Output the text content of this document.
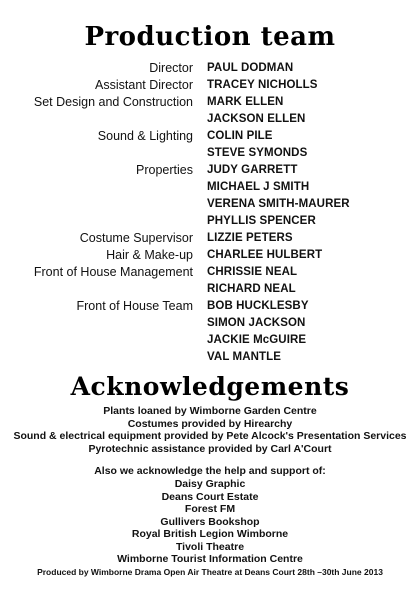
Production team
Director PAUL DODMAN
Assistant Director TRACEY NICHOLLS
Set Design and Construction MARK ELLEN
JACKSON ELLEN
Sound & Lighting COLIN PILE
STEVE SYMONDS
Properties JUDY GARRETT
MICHAEL J SMITH
VERENA SMITH-MAURER
PHYLLIS SPENCER
Costume Supervisor LIZZIE PETERS
Hair & Make-up CHARLEE HULBERT
Front of House Management CHRISSIE NEAL
RICHARD NEAL
Front of House Team BOB HUCKLESBY
SIMON JACKSON
JACKIE McGUIRE
VAL MANTLE
Acknowledgements
Plants loaned by Wimborne Garden Centre
Costumes provided by Hirearchy
Sound & electrical equipment provided by Pete Alcock's Presentation Services
Pyrotechnic assistance provided by Carl A'Court
Also we acknowledge the help and support of:
Daisy Graphic
Deans Court Estate
Forest FM
Gullivers Bookshop
Royal British Legion Wimborne
Tivoli Theatre
Wimborne Tourist Information Centre
Produced by Wimborne Drama Open Air Theatre at Deans Court 28th –30th June 2013
